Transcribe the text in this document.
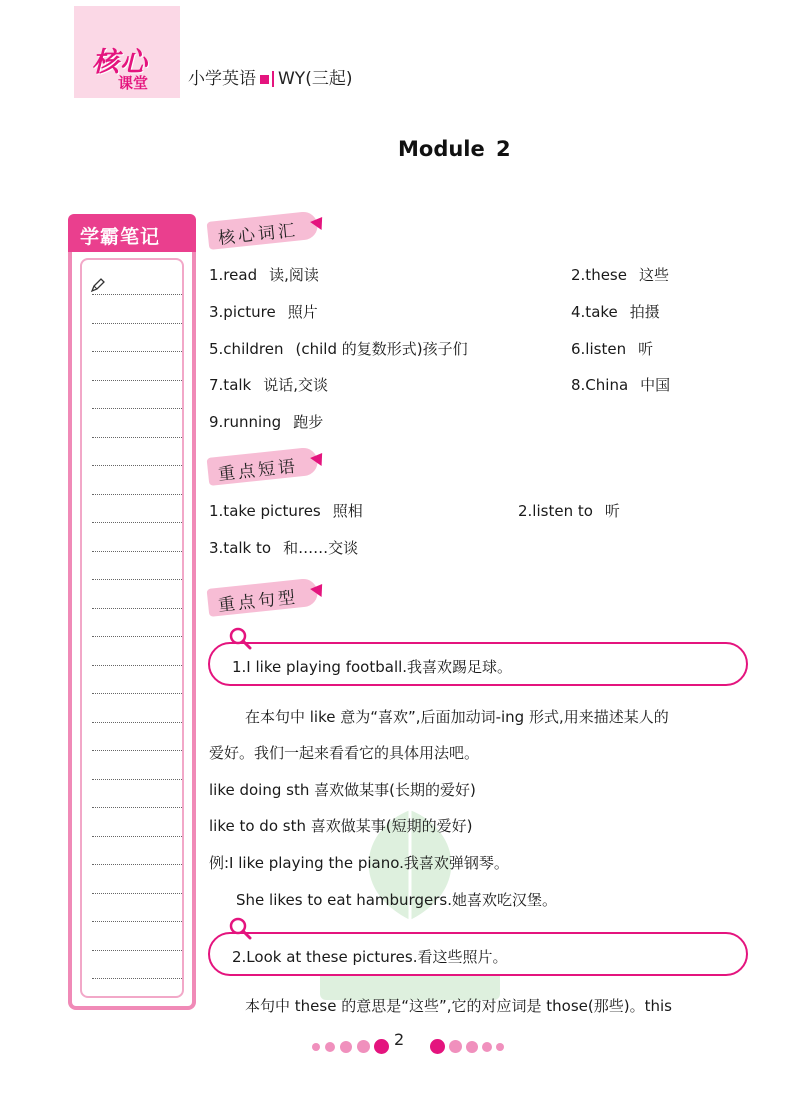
核心
课堂 小学英语 WY(三起)
Module 2
学霸笔记	核心词汇
1.read 读,阅读	2.these 这些
3.picture 照片	4.take 拍摄
5.children (child 的复数形式)孩子们	6.listen 听
7.talk 说话,交谈	8.China 中国
9.running 跑步
重点短语
1.take pictures 照相	2.listen to 听
3.talk to 和……交谈
重点句型
1.I like playing football.我喜欢踢足球。
在本句中 like 意为“喜欢”,后面加动词-ing 形式,用来描述某人的
爱好。我们一起来看看它的具体用法吧。
like doing sth 喜欢做某事(长期的爱好)
like to do sth 喜欢做某事(短期的爱好)
例:I like playing the piano.我喜欢弹钢琴。
She likes to eat hamburgers.她喜欢吃汉堡。
2.Look at these pictures.看这些照片。
本句中 these 的意思是“这些”,它的对应词是 those(那些)。this
2
